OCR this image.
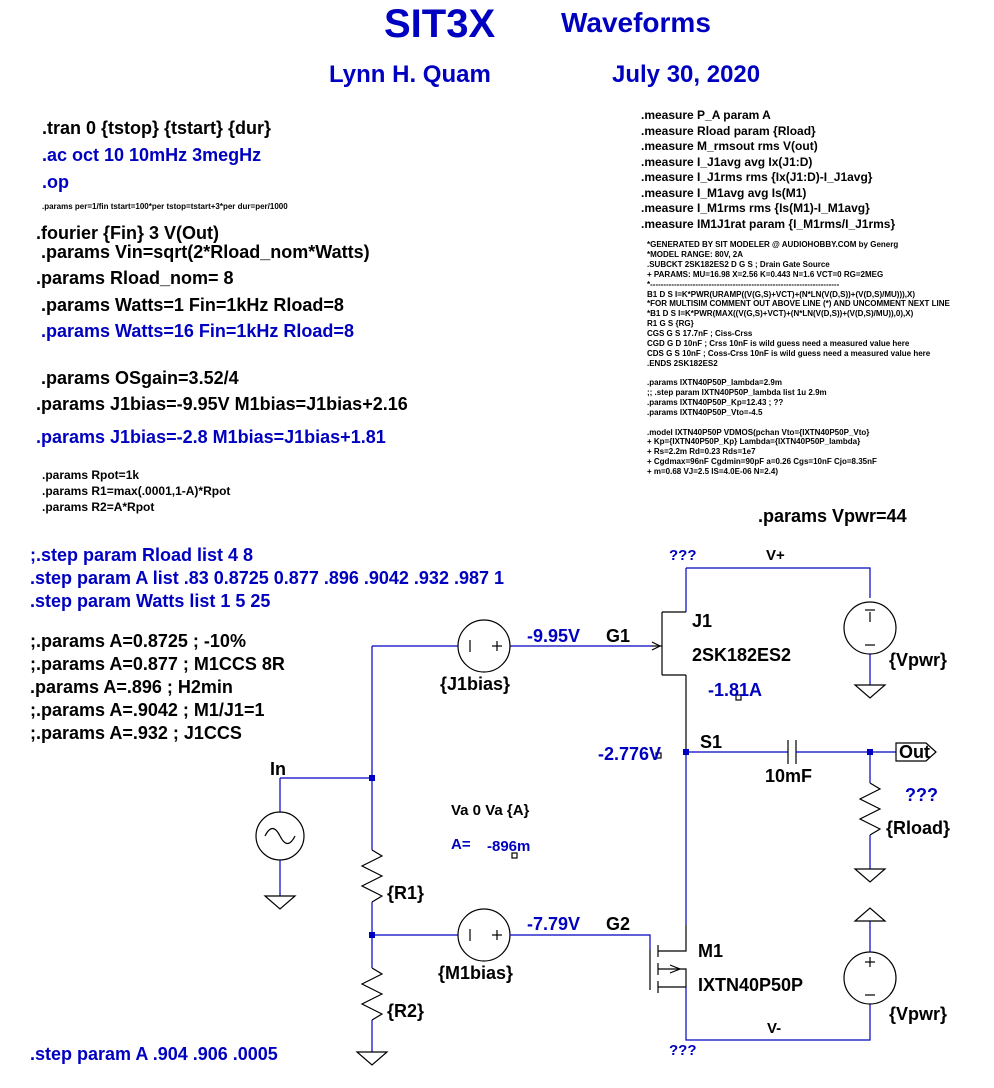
SIT3X Waveforms
Lynn H. Quam	July 30, 2020
.tran 0 {tstop} {tstart} {dur}
.ac oct 10 10mHz 3megHz
.op
.params per=1/fin tstart=100*per tstop=tstart+3*per dur=per/1000
.fourier {Fin} 3 V(Out)
.params Vin=sqrt(2*Rload_nom*Watts)
.params Rload_nom= 8
.params Watts=1 Fin=1kHz Rload=8
.params Watts=16 Fin=1kHz Rload=8
.params OSgain=3.52/4
.params J1bias=-9.95V M1bias=J1bias+2.16
.params J1bias=-2.8 M1bias=J1bias+1.81
.params Rpot=1k
.params R1=max(.0001,1-A)*Rpot
.params R2=A*Rpot
;.step param Rload list 4 8
.step param A list .83 0.8725 0.877 .896 .9042 .932 .987 1
.step param Watts list 1 5 25
;.params A=0.8725 ; -10%
;.params A=0.877 ; M1CCS 8R
.params A=.896 ; H2min
;.params A=.9042 ; M1/J1=1
;.params A=.932 ; J1CCS
.step param A .904 .906 .0005
.measure P_A param A
.measure Rload param {Rload}
.measure M_rmsout rms V(out)
.measure I_J1avg avg Ix(J1:D)
.measure I_J1rms rms {Ix(J1:D)-I_J1avg}
.measure I_M1avg avg Is(M1)
.measure I_M1rms rms {Is(M1)-I_M1avg}
.measure IM1J1rat param {I_M1rms/I_J1rms}
*GENERATED BY SIT MODELER @ AUDIOHOBBY.COM by Generg
*MODEL RANGE: 80V, 2A
.SUBCKT 2SK182ES2 D G S ; Drain Gate Source
+ PARAMS: MU=16.98 X=2.56 K=0.443 N=1.6 VCT=0 RG=2MEG
*-----------------------------------------------------------------------
B1 D S I=K*PWR(URAMP((V(G,S)+VCT)+(N*LN(V(D,S))+(V(D,S)/MU))),X)
*FOR MULTISIM COMMENT OUT ABOVE LINE (*) AND UNCOMMENT NEXT LINE
*B1 D S I=K*PWR(MAX((V(G,S)+VCT)+(N*LN(V(D,S))+(V(D,S)/MU)),0),X)
R1 G S {RG}
CGS G S 17.7nF ; Ciss-Crss
CGD G D 10nF ; Crss 10nF is wild guess need a measured value here
CDS G S 10nF ; Coss-Crss 10nF is wild guess need a measured value here
.ENDS 2SK182ES2
.params IXTN40P50P_lambda=2.9m
;; .step param IXTN40P50P_lambda list 1u 2.9m
.params IXTN40P50P_Kp=12.43 ; ??
.params IXTN40P50P_Vto=-4.5
.model IXTN40P50P VDMOS(pchan Vto={IXTN40P50P_Vto}
+ Kp={IXTN40P50P_Kp} Lambda={IXTN40P50P_lambda}
+ Rs=2.2m Rd=0.23 Rds=1e7
+ Cgdmax=96nF Cgdmin=90pF a=0.26 Cgs=10nF Cjo=8.35nF
+ m=0.68 VJ=2.5 IS=4.0E-06 N=2.4)
.params Vpwr=44
???	V+
J1
2SK182ES2
-1.81A
G1
-9.95V
{J1bias}
{Vpwr}
S1
-2.776V
10mF
Out
???
{Rload}
In
Va 0 Va {A}
A= -896m
{R1}
{R2}
G2
-7.79V
{M1bias}
M1
IXTN40P50P
{Vpwr}
V-
???
